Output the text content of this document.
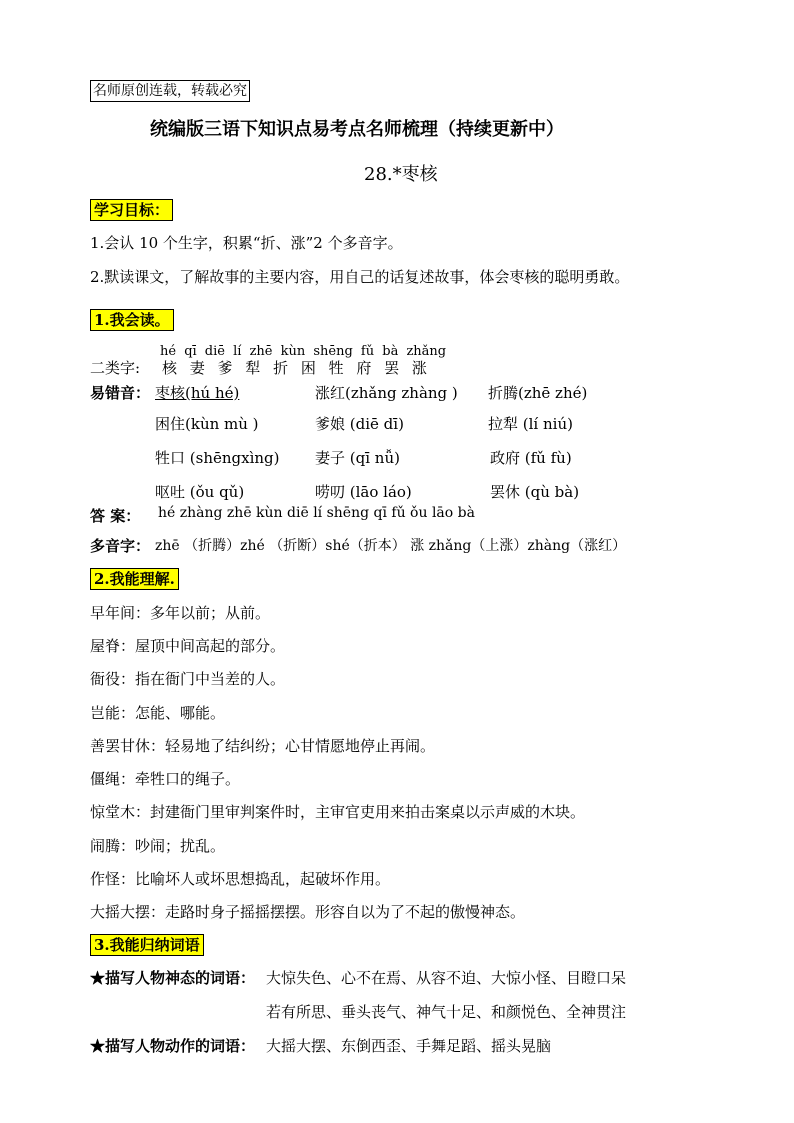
名师原创连载，转载必究
统编版三语下知识点易考点名师梳理（持续更新中）
28.*枣核
学习目标：
1.会认 10 个生字，积累“折、涨”2 个多音字。
2.默读课文，了解故事的主要内容，用自己的话复述故事，体会枣核的聪明勇敢。
1.我会读。
hé qī diē lí zhē kùn shēng fǔ bà zhǎng
二类字: 核 妻 爹 犁 折 困 牲 府 罢 涨
易错音： 枣核(hú hé)	涨红(zhǎng zhàng ) 折腾(zhē zhé)
困住(kùn mù )	爹娘 (diē dī)	拉犁 (lí niú)
牲口 (shēngxìng) 妻子 (qī nǚ)	政府 (fǔ fù)
呕吐 (ǒu qǔ)	唠叨 (lāo láo)	罢休 (qù bà)
答 案： hé zhàng zhē kùn diē lí shēng qī fǔ ǒu lāo bà
多音字： zhē （折腾）zhé （折断）shé（折本） 涨 zhǎng（上涨）zhàng（涨红）
2.我能理解.
早年间：多年以前；从前。
屋脊：屋顶中间高起的部分。
衙役：指在衙门中当差的人。
岂能：怎能、哪能。
善罢甘休：轻易地了结纠纷；心甘情愿地停止再闹。
僵绳：牵牲口的绳子。
惊堂木：封建衙门里审判案件时，主审官吏用来拍击案桌以示声威的木块。
闹腾：吵闹；扰乱。
作怪：比喻坏人或坏思想捣乱，起破坏作用。
大摇大摆：走路时身子摇摇摆摆。形容自以为了不起的傲慢神态。
3.我能归纳词语
★描写人物神态的词语： 大惊失色、心不在焉、从容不迫、大惊小怪、目瞪口呆
若有所思、垂头丧气、神气十足、和颜悦色、全神贯注
★描写人物动作的词语： 大摇大摆、东倒西歪、手舞足蹈、摇头晃脑
